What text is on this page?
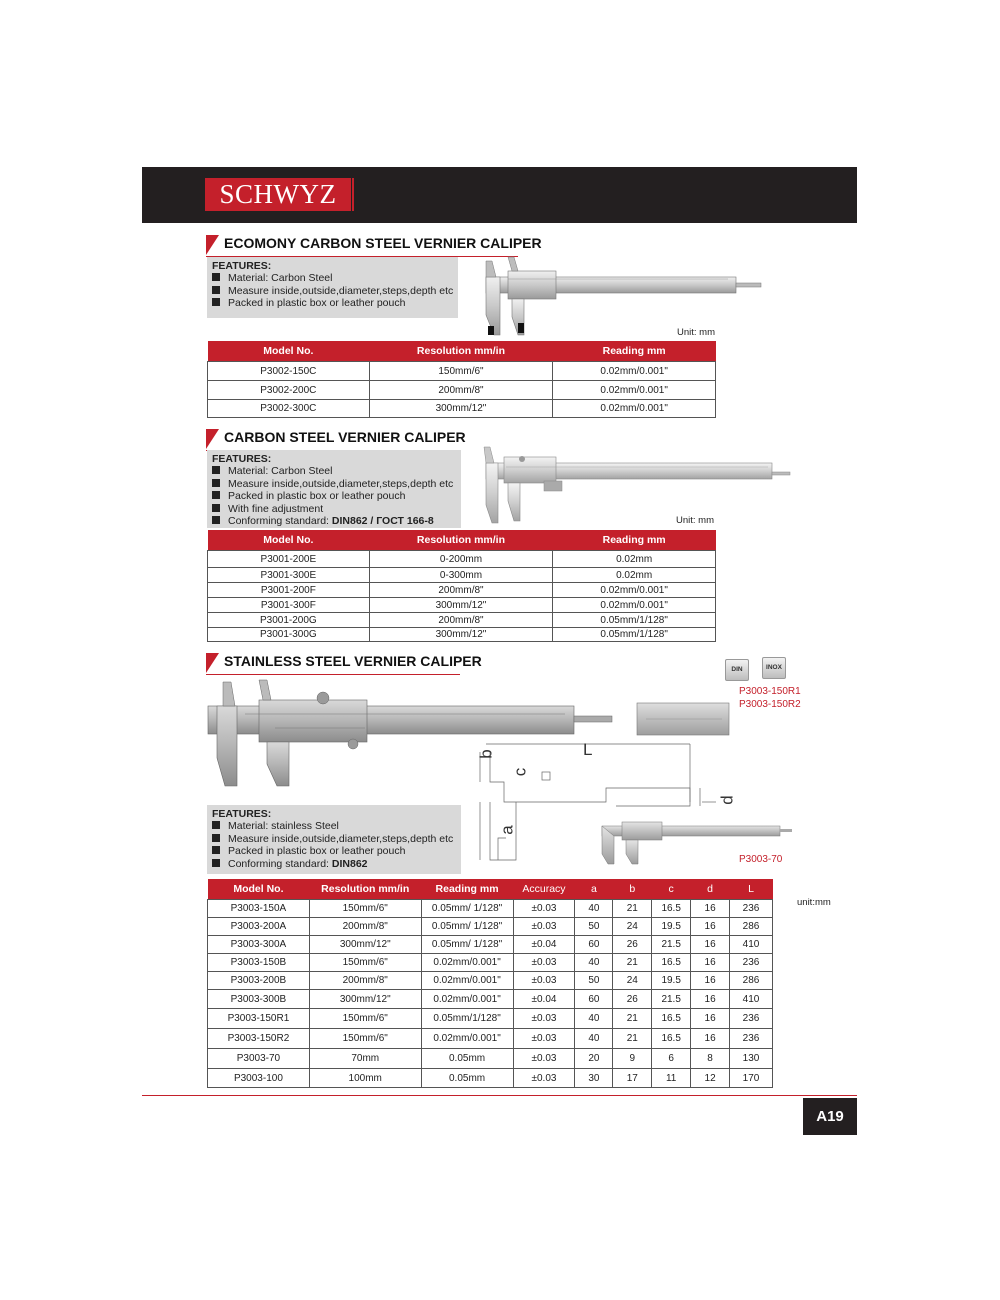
SCHWYZ
ECOMONY CARBON STEEL VERNIER CALIPER
FEATURES:
Material: Carbon Steel
Measure inside,outside,diameter,steps,depth etc
Packed in plastic box or leather pouch
Unit: mm
Model No.	Resolution mm/in	Reading mm
P3002-150C	150mm/6"	0.02mm/0.001"
P3002-200C	200mm/8"	0.02mm/0.001"
P3002-300C	300mm/12"	0.02mm/0.001"
CARBON STEEL VERNIER CALIPER
FEATURES:
Material: Carbon Steel
Measure inside,outside,diameter,steps,depth etc
Packed in plastic box or leather pouch
With fine adjustment
Conforming standard: DIN862 / ГОСТ 166-8	Unit: mm
Model No.	Resolution mm/in	Reading mm
P3001-200E	0-200mm	0.02mm
P3001-300E	0-300mm	0.02mm
P3001-200F	200mm/8"	0.02mm/0.001"
P3001-300F	300mm/12"	0.02mm/0.001"
P3001-200G	200mm/8"	0.05mm/1/128"
P3001-300G	300mm/12"	0.05mm/1/128"
STAINLESS STEEL VERNIER CALIPER
DIN	INOX
P3003-150R1
P3003-150R2
b	L
c
d
a
P3003-70
FEATURES:
Material: stainless Steel
Measure inside,outside,diameter,steps,depth etc
Packed in plastic box or leather pouch
Conforming standard: DIN862
unit:mm
Model No.	Resolution mm/in	Reading mm	Accuracy	a	b	c	d	L
P3003-150A	150mm/6"	0.05mm/ 1/128"	±0.03	40	21	16.5	16	236
P3003-200A	200mm/8"	0.05mm/ 1/128"	±0.03	50	24	19.5	16	286
P3003-300A	300mm/12"	0.05mm/ 1/128"	±0.04	60	26	21.5	16	410
P3003-150B	150mm/6"	0.02mm/0.001"	±0.03	40	21	16.5	16	236
P3003-200B	200mm/8"	0.02mm/0.001"	±0.03	50	24	19.5	16	286
P3003-300B	300mm/12"	0.02mm/0.001"	±0.04	60	26	21.5	16	410
P3003-150R1	150mm/6"	0.05mm/1/128"	±0.03	40	21	16.5	16	236
P3003-150R2	150mm/6"	0.02mm/0.001"	±0.03	40	21	16.5	16	236
P3003-70	70mm	0.05mm	±0.03	20	9	6	8	130
P3003-100	100mm	0.05mm	±0.03	30	17	11	12	170
A19
